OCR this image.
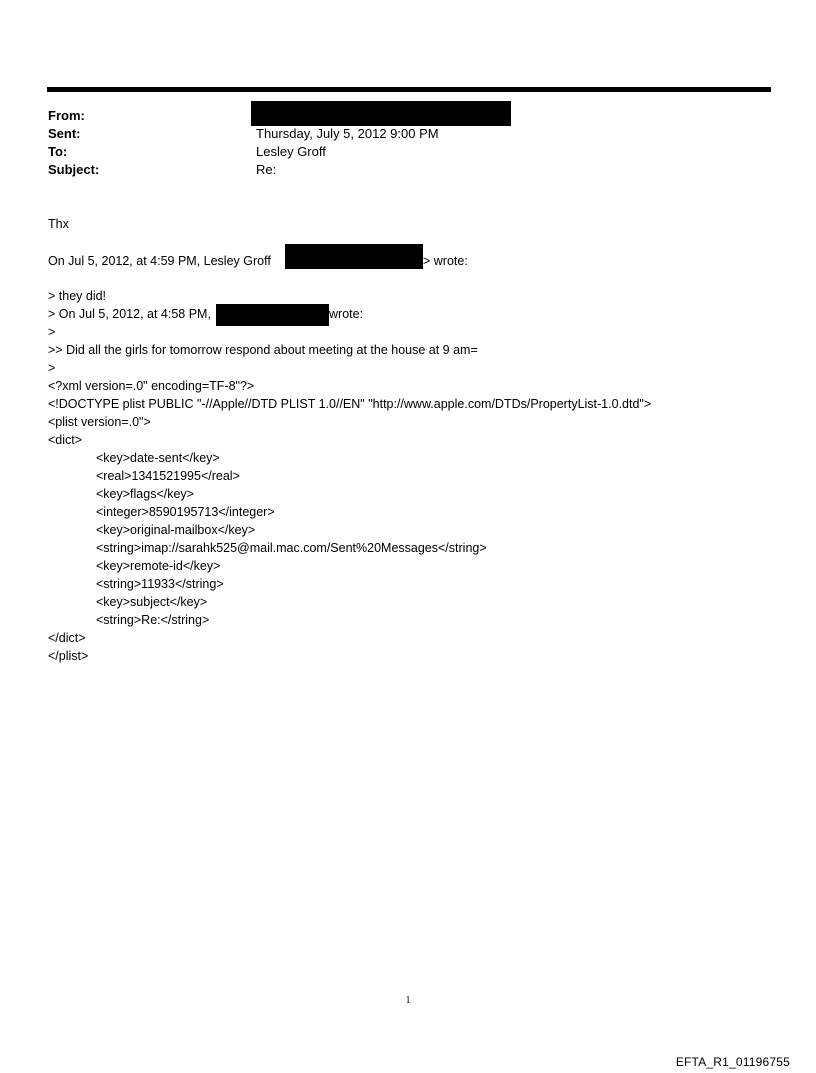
From:
Sent:	Thursday, July 5, 2012 9:00 PM
To:	Lesley Groff
Subject:	Re:
Thx
On Jul 5, 2012, at 4:59 PM, Lesley Groff	> wrote:
> they did!
> On Jul 5, 2012, at 4:58 PM,	wrote:
>
>> Did all the girls for tomorrow respond about meeting at the house at 9 am=
>
<?xml version=.0" encoding=TF-8"?>
<!DOCTYPE plist PUBLIC "-//Apple//DTD PLIST 1.0//EN" "http://www.apple.com/DTDs/PropertyList-1.0.dtd">
<plist version=.0">
<dict>
<key>date-sent</key>
<real>1341521995</real>
<key>flags</key>
<integer>8590195713</integer>
<key>original-mailbox</key>
<string>imap://sarahk525@mail.mac.com/Sent%20Messages</string>
<key>remote-id</key>
<string>11933</string>
<key>subject</key>
<string>Re:</string>
</dict>
</plist>
1
EFTA_R1_01196755
